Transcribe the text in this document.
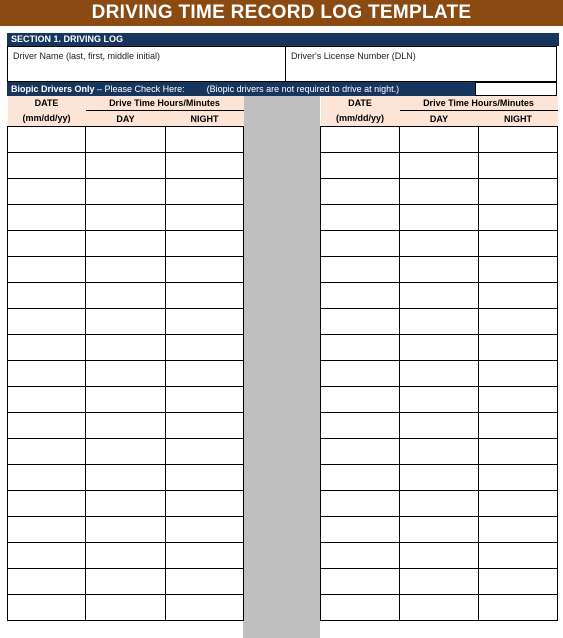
DRIVING TIME RECORD LOG TEMPLATE
SECTION 1. DRIVING LOG
Driver Name (last, first, middle initial)	Driver's License Number (DLN)
Biopic Drivers Only – Please Check Here: (Biopic drivers are not required to drive at night.)
DATE	Drive Time Hours/Minutes	
(mm/dd/yy)	DAY	NIGHT

DATE	Drive Time Hours/Minutes	
(mm/dd/yy)	DAY	NIGHT
